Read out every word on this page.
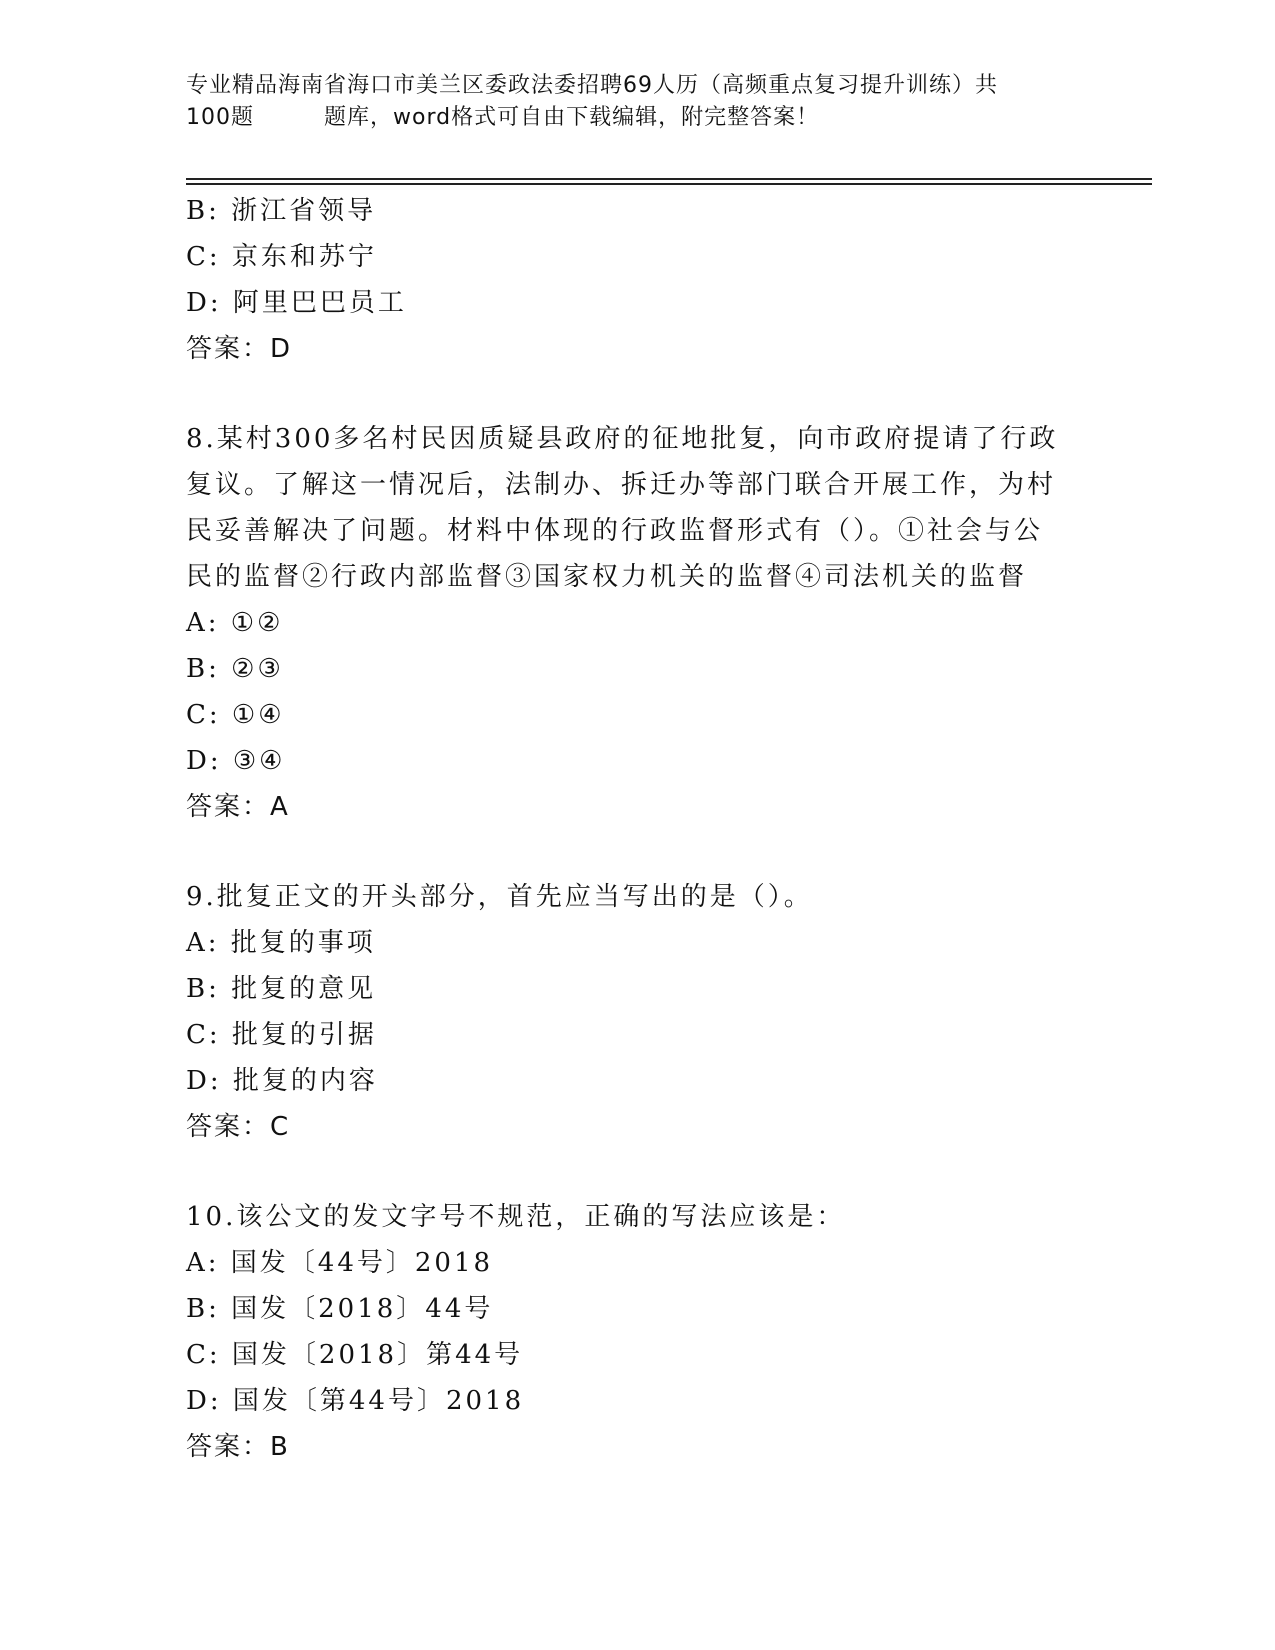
专业精品海南省海口市美兰区委政法委招聘69人历（高频重点复习提升训练）共
100题	题库，word格式可自由下载编辑，附完整答案！
B: 浙江省领导
C: 京东和苏宁
D: 阿里巴巴员工
答案：D
8.某村300多名村民因质疑县政府的征地批复，向市政府提请了行政
复议。了解这一情况后，法制办、拆迁办等部门联合开展工作，为村
民妥善解决了问题。材料中体现的行政监督形式有（）。①社会与公
民的监督②行政内部监督③国家权力机关的监督④司法机关的监督
A: ①②
B: ②③
C: ①④
D: ③④
答案：A
9.批复正文的开头部分，首先应当写出的是（）。
A: 批复的事项
B: 批复的意见
C: 批复的引据
D: 批复的内容
答案：C
10.该公文的发文字号不规范，正确的写法应该是：
A: 国发〔44号〕2018
B: 国发〔2018〕44号
C: 国发〔2018〕第44号
D: 国发〔第44号〕2018
答案：B
